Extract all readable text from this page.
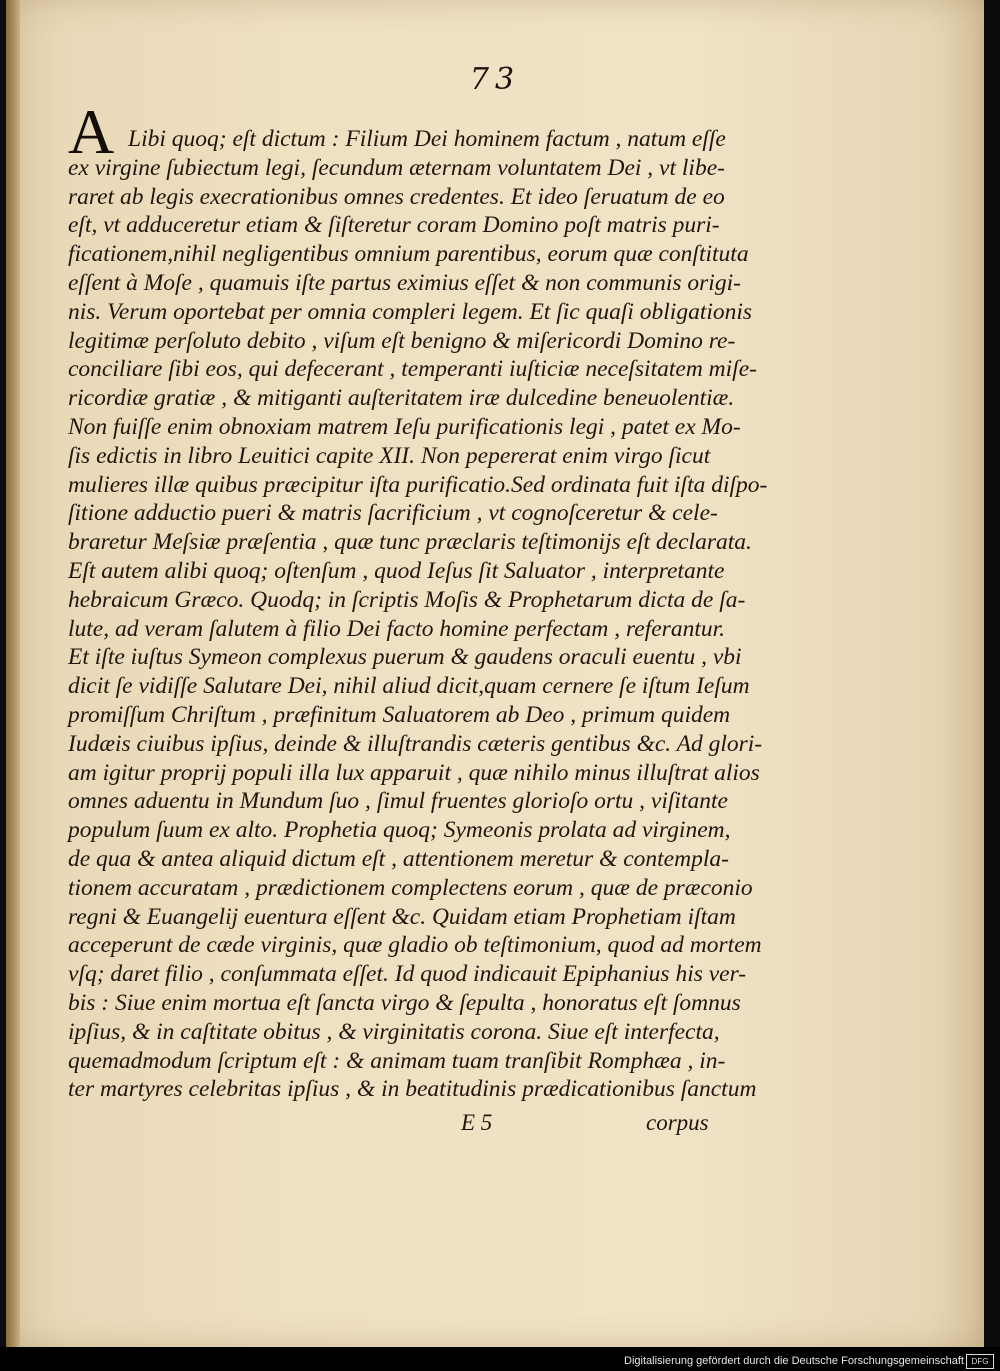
73
A Libi quoq; eſt dictum : Filium Dei hominem factum , natum eſſe
ex virgine ſubiectum legi, ſecundum æternam voluntatem Dei , vt libe-
raret ab legis execrationibus omnes credentes. Et ideo ſeruatum de eo
eſt, vt adduceretur etiam & ſiſteretur coram Domino poſt matris puri-
ficationem,nihil negligentibus omnium parentibus, eorum quæ conſtituta
eſſent à Moſe , quamuis iſte partus eximius eſſet & non communis origi-
nis. Verum oportebat per omnia compleri legem. Et ſic quaſi obligationis
legitimæ perſoluto debito , viſum eſt benigno & miſericordi Domino re-
conciliare ſibi eos, qui defecerant , temperanti iuſticiæ neceſsitatem miſe-
ricordiæ gratiæ , & mitiganti auſteritatem iræ dulcedine beneuolentiæ.
Non fuiſſe enim obnoxiam matrem Ieſu purificationis legi , patet ex Mo-
ſis edictis in libro Leuitici capite XII. Non pepererat enim virgo ſicut
mulieres illæ quibus præcipitur iſta purificatio.Sed ordinata fuit iſta diſpo-
ſitione adductio pueri & matris ſacrificium , vt cognoſceretur & cele-
braretur Meſsiæ præſentia , quæ tunc præclaris teſtimonijs eſt declarata.
Eſt autem alibi quoq; oſtenſum , quod Ieſus ſit Saluator , interpretante
hebraicum Græco. Quodq; in ſcriptis Moſis & Prophetarum dicta de ſa-
lute, ad veram ſalutem à filio Dei facto homine perfectam , referantur.
Et iſte iuſtus Symeon complexus puerum & gaudens oraculi euentu , vbi
dicit ſe vidiſſe Salutare Dei, nihil aliud dicit,quam cernere ſe iſtum Ieſum
promiſſum Chriſtum , præfinitum Saluatorem ab Deo , primum quidem
Iudæis ciuibus ipſius, deinde & illuſtrandis cæteris gentibus &c. Ad glori-
am igitur proprij populi illa lux apparuit , quæ nihilo minus illuſtrat alios
omnes aduentu in Mundum ſuo , ſimul fruentes glorioſo ortu , viſitante
populum ſuum ex alto. Prophetia quoq; Symeonis prolata ad virginem,
de qua & antea aliquid dictum eſt , attentionem meretur & contempla-
tionem accuratam , prædictionem complectens eorum , quæ de præconio
regni & Euangelij euentura eſſent &c. Quidam etiam Prophetiam iſtam
acceperunt de cæde virginis, quæ gladio ob teſtimonium, quod ad mortem
vſq; daret filio , conſummata eſſet. Id quod indicauit Epiphanius his ver-
bis : Siue enim mortua eſt ſancta virgo & ſepulta , honoratus eſt ſomnus
ipſius, & in caſtitate obitus , & virginitatis corona. Siue eſt interfecta,
quemadmodum ſcriptum eſt : & animam tuam tranſibit Romphæa , in-
ter martyres celebritas ipſius , & in beatitudinis prædicationibus ſanctum
E 5	corpus
Digitalisierung gefördert durch die Deutsche Forschungsgemeinschaft DFG
